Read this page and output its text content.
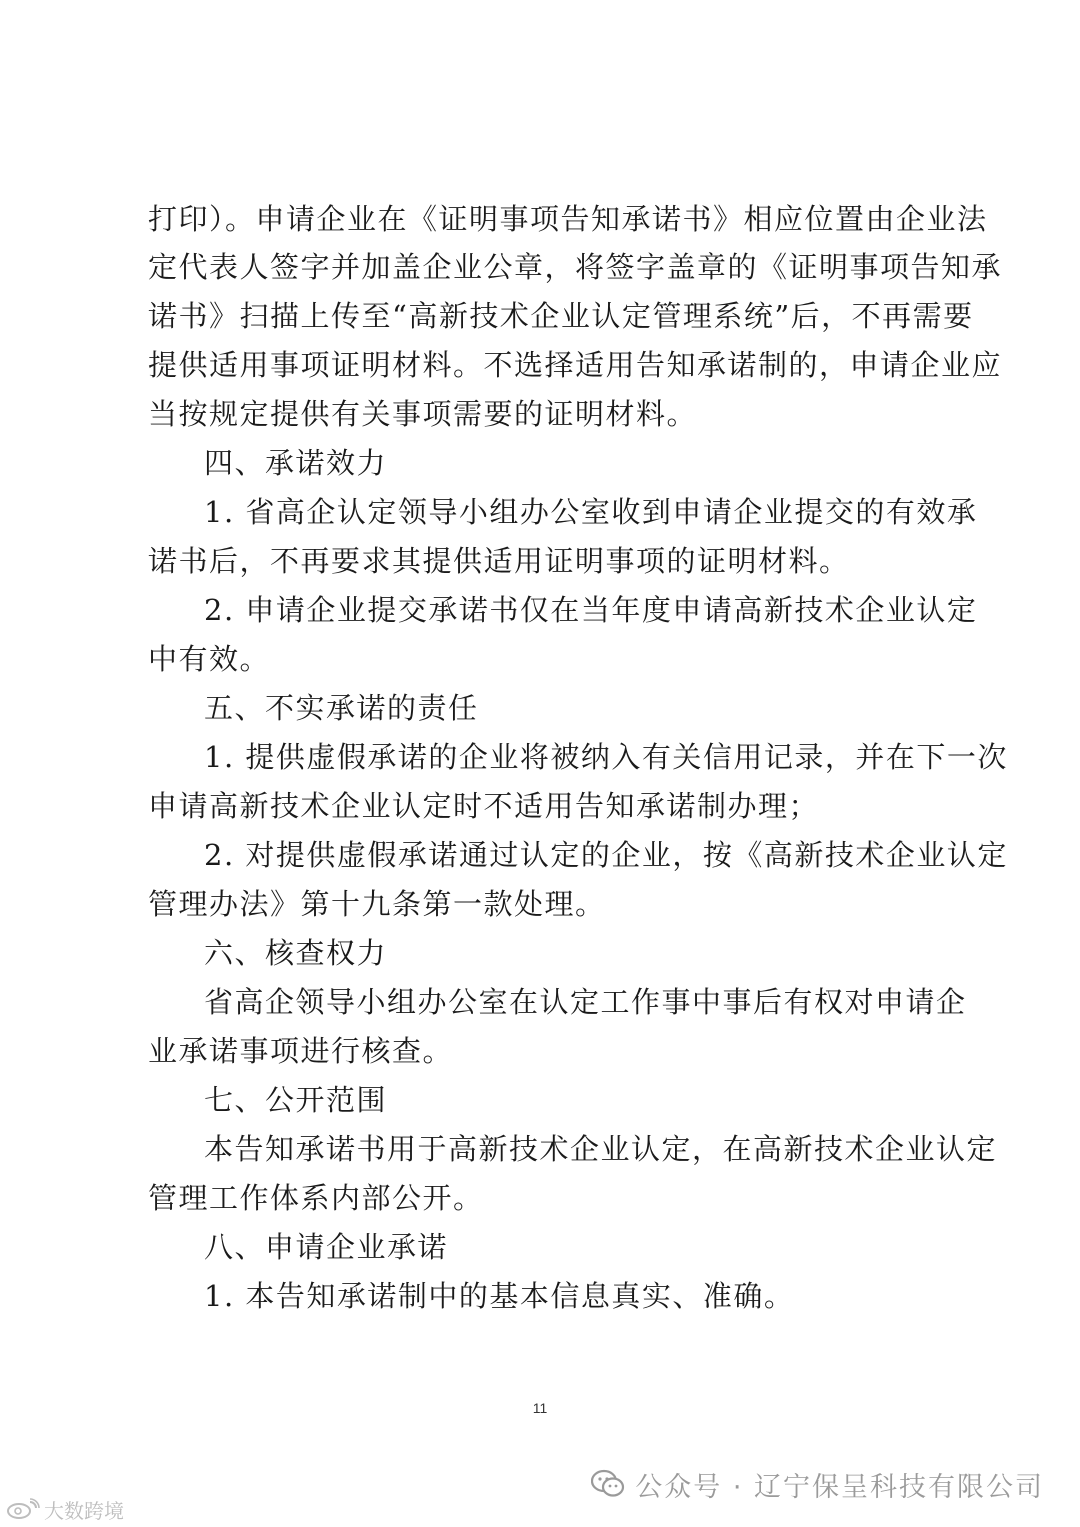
打印）。申请企业在《证明事项告知承诺书》相应位置由企业法
定代表人签字并加盖企业公章，将签字盖章的《证明事项告知承
诺书》扫描上传至“高新技术企业认定管理系统”后，不再需要
提供适用事项证明材料。不选择适用告知承诺制的，申请企业应
当按规定提供有关事项需要的证明材料。
四、承诺效力
1. 省高企认定领导小组办公室收到申请企业提交的有效承
诺书后，不再要求其提供适用证明事项的证明材料。
2. 申请企业提交承诺书仅在当年度申请高新技术企业认定
中有效。
五、不实承诺的责任
1. 提供虚假承诺的企业将被纳入有关信用记录，并在下一次
申请高新技术企业认定时不适用告知承诺制办理；
2. 对提供虚假承诺通过认定的企业，按《高新技术企业认定
管理办法》第十九条第一款处理。
六、核查权力
省高企领导小组办公室在认定工作事中事后有权对申请企
业承诺事项进行核查。
七、公开范围
本告知承诺书用于高新技术企业认定，在高新技术企业认定
管理工作体系内部公开。
八、申请企业承诺
1. 本告知承诺制中的基本信息真实、准确。
11
公众号 · 辽宁保呈科技有限公司
大数跨境
